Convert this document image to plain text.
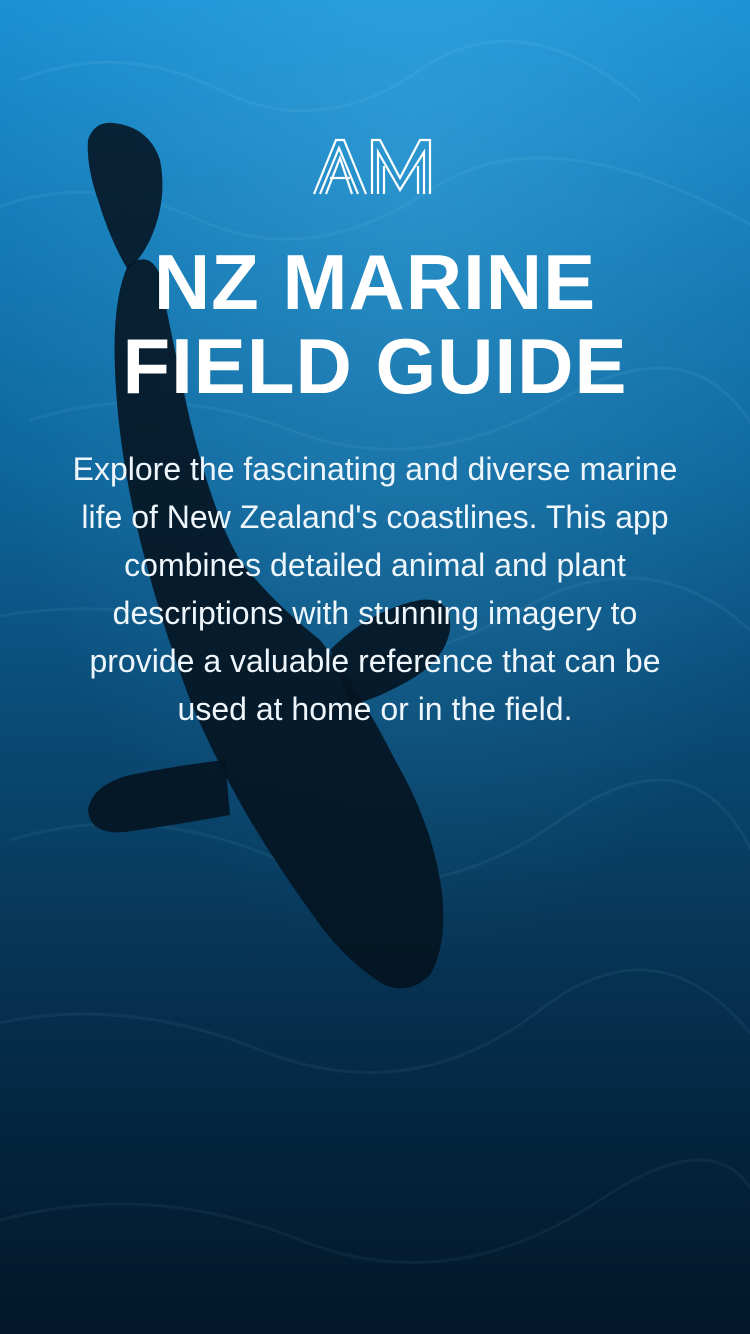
NZ MARINE
FIELD GUIDE

Explore the fascinating and diverse marine life of New Zealand's coastlines. This app combines detailed animal and plant descriptions with stunning imagery to provide a valuable reference that can be used at home or in the field.
